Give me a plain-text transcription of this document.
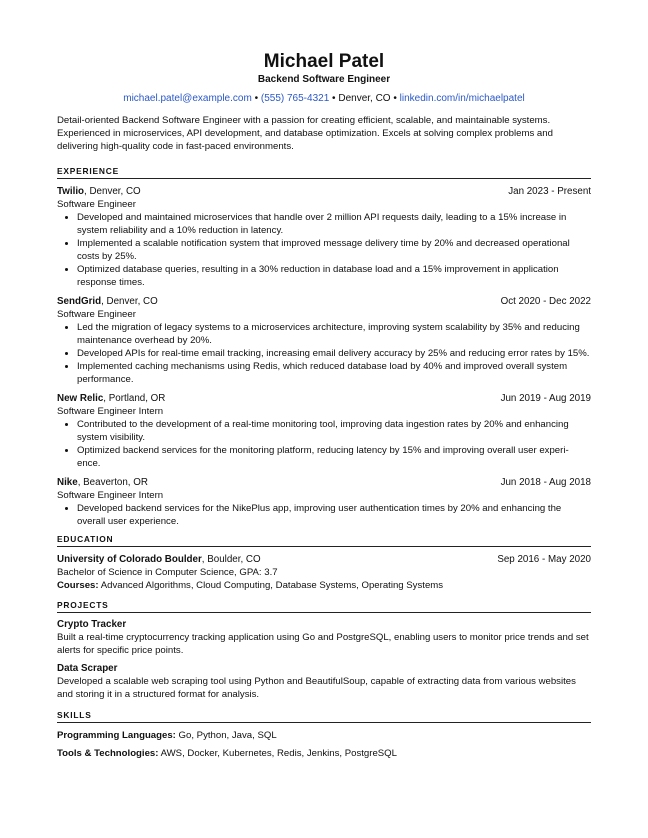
Michael Patel
Backend Software Engineer
michael.patel@example.com • (555) 765-4321 • Denver, CO • linkedin.com/in/michaelpatel
Detail-oriented Backend Software Engineer with a passion for creating efficient, scalable, and maintainable systems. Experienced in microservices, API development, and database optimization. Excels at solving complex problems and delivering high-quality code in fast-paced environments.
EXPERIENCE
Twilio, Denver, CO	Jan 2023 - Present
Software Engineer
• Developed and maintained microservices that handle over 2 million API requests daily, leading to a 15% increase in system reliability and a 10% reduction in latency.
• Implemented a scalable notification system that improved message delivery time by 20% and decreased operational costs by 25%.
• Optimized database queries, resulting in a 30% reduction in database load and a 15% improvement in application response times.
SendGrid, Denver, CO	Oct 2020 - Dec 2022
Software Engineer
• Led the migration of legacy systems to a microservices architecture, improving system scalability by 35% and reducing maintenance overhead by 20%.
• Developed APIs for real-time email tracking, increasing email delivery accuracy by 25% and reducing error rates by 15%.
• Implemented caching mechanisms using Redis, which reduced database load by 40% and improved overall system performance.
New Relic, Portland, OR	Jun 2019 - Aug 2019
Software Engineer Intern
• Contributed to the development of a real-time monitoring tool, improving data ingestion rates by 20% and enhancing system visibility.
• Optimized backend services for the monitoring platform, reducing latency by 15% and improving overall user experi-ence.
Nike, Beaverton, OR	Jun 2018 - Aug 2018
Software Engineer Intern
• Developed backend services for the NikePlus app, improving user authentication times by 20% and enhancing the overall user experience.
EDUCATION
University of Colorado Boulder, Boulder, CO	Sep 2016 - May 2020
Bachelor of Science in Computer Science, GPA: 3.7
Courses: Advanced Algorithms, Cloud Computing, Database Systems, Operating Systems
PROJECTS
Crypto Tracker
Built a real-time cryptocurrency tracking application using Go and PostgreSQL, enabling users to monitor price trends and set alerts for specific price points.
Data Scraper
Developed a scalable web scraping tool using Python and BeautifulSoup, capable of extracting data from various websites and storing it in a structured format for analysis.
SKILLS
Programming Languages: Go, Python, Java, SQL
Tools & Technologies: AWS, Docker, Kubernetes, Redis, Jenkins, PostgreSQL
